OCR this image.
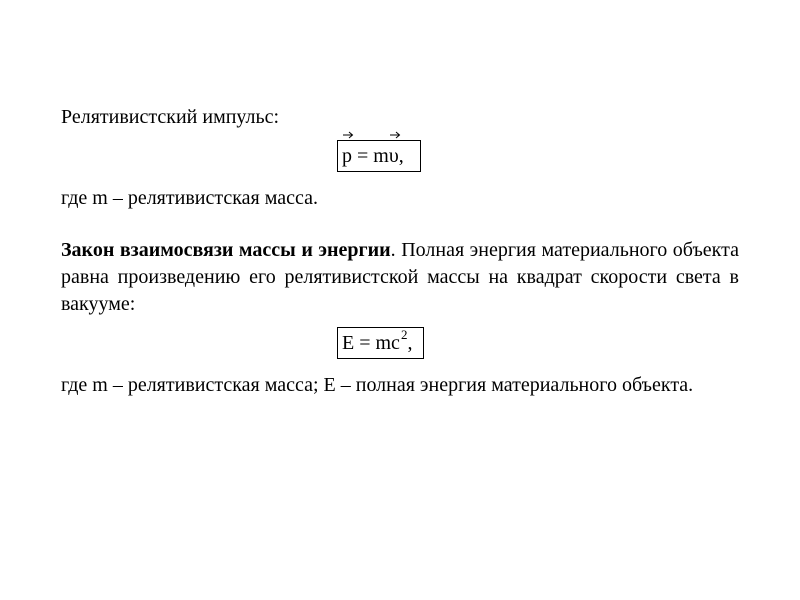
Релятивистский импульс:
p = m
υ,
где m – релятивистская масса.
Закон взаимосвязи массы и энергии. Полная энергия материального объекта равна произведению его релятивистской массы на квадрат скорости света в вакууме:
$E = mc^2$,
где m – релятивистская масса; E – полная энергия материального объекта.
